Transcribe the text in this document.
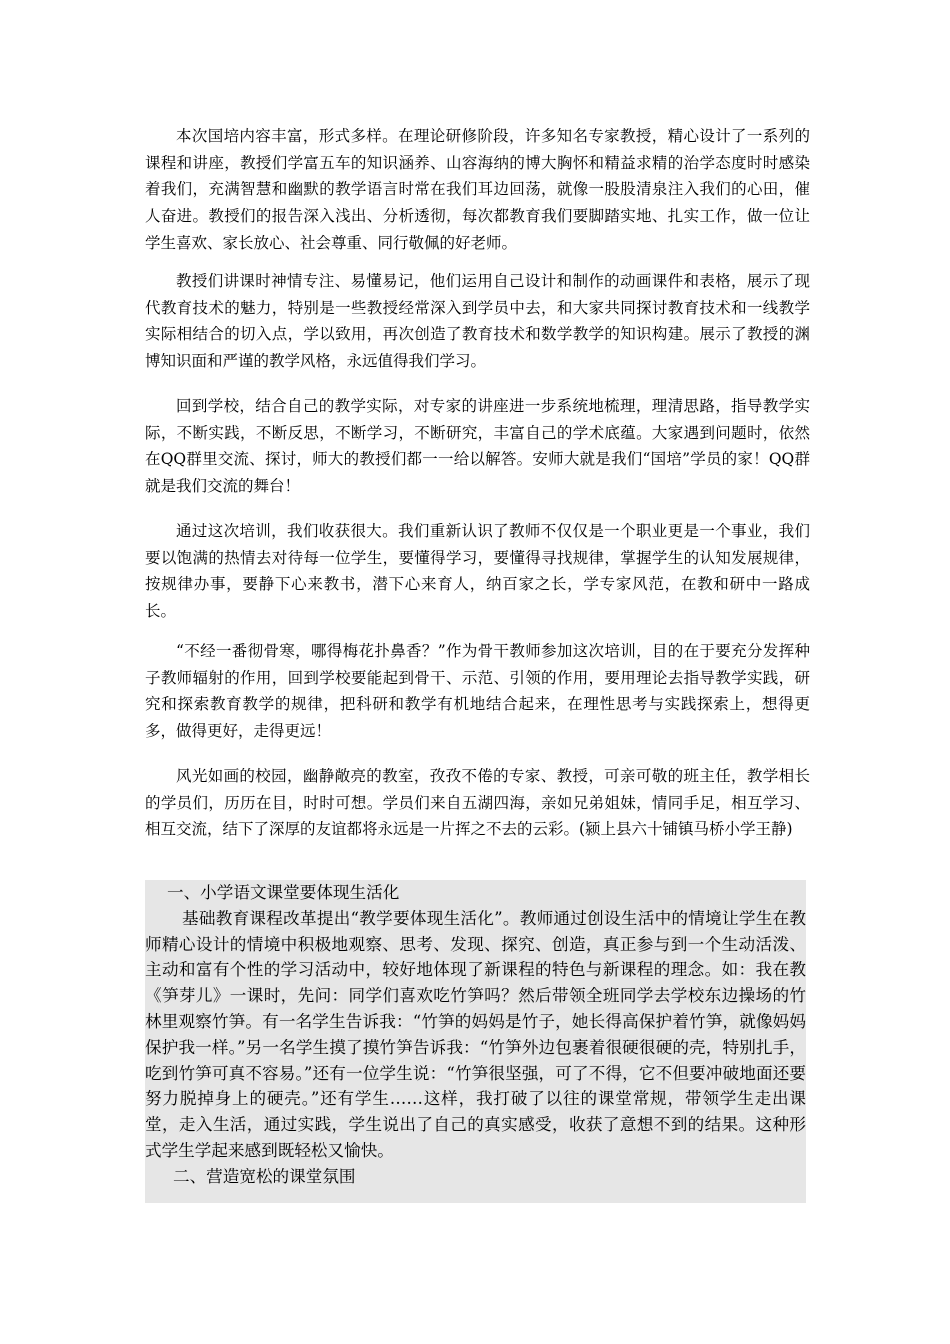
本次国培内容丰富，形式多样。在理论研修阶段，许多知名专家教授，精心设计了一系列的课程和讲座，教授们学富五车的知识涵养、山容海纳的博大胸怀和精益求精的治学态度时时感染着我们，充满智慧和幽默的教学语言时常在我们耳边回荡，就像一股股清泉注入我们的心田，催人奋进。教授们的报告深入浅出、分析透彻，每次都教育我们要脚踏实地、扎实工作，做一位让学生喜欢、家长放心、社会尊重、同行敬佩的好老师。

教授们讲课时神情专注、易懂易记，他们运用自己设计和制作的动画课件和表格，展示了现代教育技术的魅力，特别是一些教授经常深入到学员中去，和大家共同探讨教育技术和一线教学实际相结合的切入点，学以致用，再次创造了教育技术和数学教学的知识构建。展示了教授的渊博知识面和严谨的教学风格，永远值得我们学习。

回到学校，结合自己的教学实际，对专家的讲座进一步系统地梳理，理清思路，指导教学实际，不断实践，不断反思，不断学习，不断研究，丰富自己的学术底蕴。大家遇到问题时，依然在QQ群里交流、探讨，师大的教授们都一一给以解答。安师大就是我们“国培”学员的家！QQ群就是我们交流的舞台！

通过这次培训，我们收获很大。我们重新认识了教师不仅仅是一个职业更是一个事业，我们要以饱满的热情去对待每一位学生，要懂得学习，要懂得寻找规律，掌握学生的认知发展规律，按规律办事，要静下心来教书，潜下心来育人，纳百家之长，学专家风范，在教和研中一路成长。

“不经一番彻骨寒，哪得梅花扑鼻香？”作为骨干教师参加这次培训，目的在于要充分发挥种子教师辐射的作用，回到学校要能起到骨干、示范、引领的作用，要用理论去指导教学实践，研究和探索教育教学的规律，把科研和教学有机地结合起来，在理性思考与实践探索上，想得更多，做得更好，走得更远！

风光如画的校园，幽静敞亮的教室，孜孜不倦的专家、教授，可亲可敬的班主任，教学相长的学员们，历历在目，时时可想。学员们来自五湖四海，亲如兄弟姐妹，情同手足，相互学习、相互交流，结下了深厚的友谊都将永远是一片挥之不去的云彩。(颍上县六十铺镇马桥小学王静)

一、小学语文课堂要体现生活化

基础教育课程改革提出“教学要体现生活化”。教师通过创设生活中的情境让学生在教师精心设计的情境中积极地观察、思考、发现、探究、创造，真正参与到一个生动活泼、主动和富有个性的学习活动中，较好地体现了新课程的特色与新课程的理念。如：我在教《笋芽儿》一课时，先问：同学们喜欢吃竹笋吗？然后带领全班同学去学校东边操场的竹林里观察竹笋。有一名学生告诉我：“竹笋的妈妈是竹子，她长得高保护着竹笋，就像妈妈保护我一样。”另一名学生摸了摸竹笋告诉我：“竹笋外边包裹着很硬很硬的壳，特别扎手，吃到竹笋可真不容易。”还有一位学生说：“竹笋很坚强，可了不得，它不但要冲破地面还要努力脱掉身上的硬壳。”还有学生……这样，我打破了以往的课堂常规，带领学生走出课堂，走入生活，通过实践，学生说出了自己的真实感受，收获了意想不到的结果。这种形式学生学起来感到既轻松又愉快。

二、营造宽松的课堂氛围
